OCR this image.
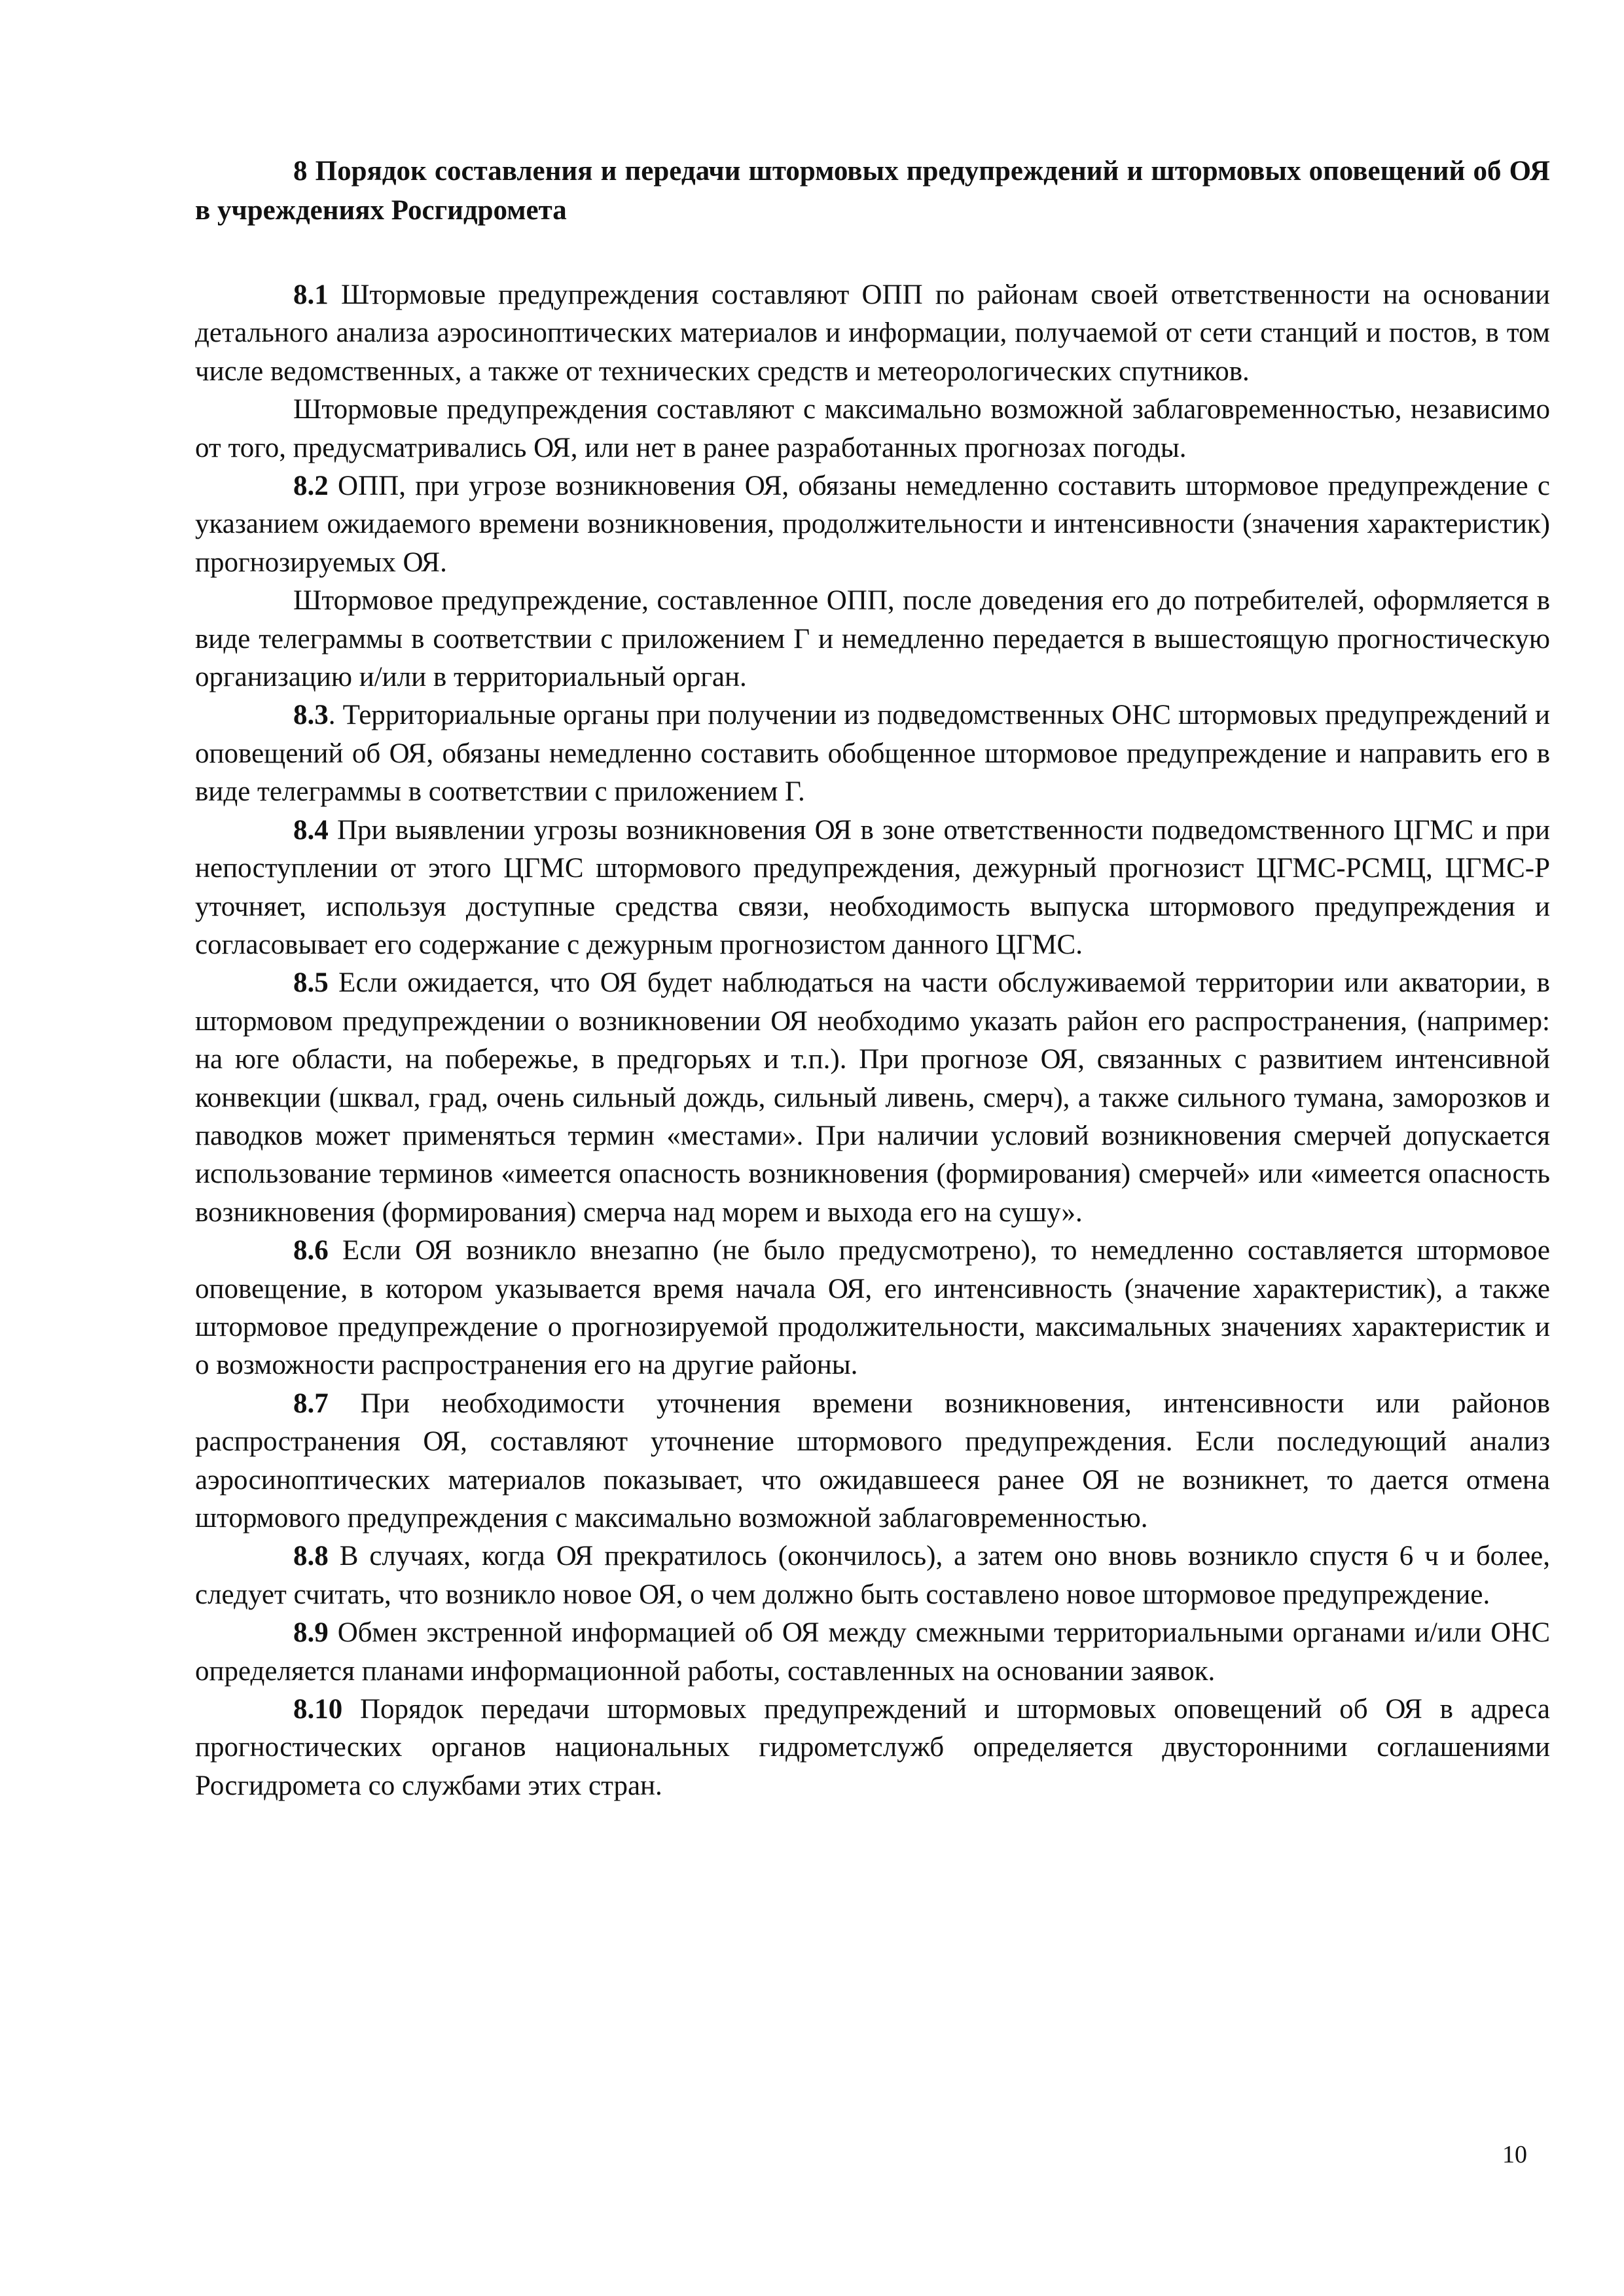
8 Порядок составления и передачи штормовых предупреждений и штормовых оповещений об ОЯ в учреждениях Росгидромета

8.1 Штормовые предупреждения составляют ОПП по районам своей ответственности на основании детального анализа аэросиноптических материалов и информации, получаемой от сети станций и постов, в том числе ведомственных, а также от технических средств и метеорологических спутников.

Штормовые предупреждения составляют с максимально возможной заблаговременностью, независимо от того, предусматривались ОЯ, или нет в ранее разработанных прогнозах погоды.

8.2 ОПП, при угрозе возникновения ОЯ, обязаны немедленно составить штормовое предупреждение с указанием ожидаемого времени возникновения, продолжительности и интенсивности (значения характеристик) прогнозируемых ОЯ.

Штормовое предупреждение, составленное ОПП, после доведения его до потребителей, оформляется в виде телеграммы в соответствии с приложением Г и немедленно передается в вышестоящую прогностическую организацию и/или в территориальный орган.

8.3. Территориальные органы при получении из подведомственных ОНС штормовых предупреждений и оповещений об ОЯ, обязаны немедленно составить обобщенное штормовое предупреждение и направить его в виде телеграммы в соответствии с приложением Г.

8.4 При выявлении угрозы возникновения ОЯ в зоне ответственности подведомственного ЦГМС и при непоступлении от этого ЦГМС штормового предупреждения, дежурный прогнозист ЦГМС-РСМЦ, ЦГМС-Р уточняет, используя доступные средства связи, необходимость выпуска штормового предупреждения и согласовывает его содержание с дежурным прогнозистом данного ЦГМС.

8.5 Если ожидается, что ОЯ будет наблюдаться на части обслуживаемой территории или акватории, в штормовом предупреждении о возникновении ОЯ необходимо указать район его распространения, (например: на юге области, на побережье, в предгорьях и т.п.). При прогнозе ОЯ, связанных с развитием интенсивной конвекции (шквал, град, очень сильный дождь, сильный ливень, смерч), а также сильного тумана, заморозков и паводков может применяться термин «местами». При наличии условий возникновения смерчей допускается использование терминов «имеется опасность возникновения (формирования) смерчей» или «имеется опасность возникновения (формирования) смерча над морем и выхода его на сушу».

8.6 Если ОЯ возникло внезапно (не было предусмотрено), то немедленно составляется штормовое оповещение, в котором указывается время начала ОЯ, его интенсивность (значение характеристик), а также штормовое предупреждение о прогнозируемой продолжительности, максимальных значениях характеристик и о возможности распространения его на другие районы.

8.7 При необходимости уточнения времени возникновения, интенсивности или районов распространения ОЯ, составляют уточнение штормового предупреждения. Если последующий анализ аэросиноптических материалов показывает, что ожидавшееся ранее ОЯ не возникнет, то дается отмена штормового предупреждения с максимально возможной заблаговременностью.

8.8 В случаях, когда ОЯ прекратилось (окончилось), а затем оно вновь возникло спустя 6 ч и более, следует считать, что возникло новое ОЯ, о чем должно быть составлено новое штормовое предупреждение.

8.9 Обмен экстренной информацией об ОЯ между смежными территориальными органами и/или ОНС определяется планами информационной работы, составленных на основании заявок.

8.10 Порядок передачи штормовых предупреждений и штормовых оповещений об ОЯ в адреса прогностических органов национальных гидрометслужб определяется двусторонними соглашениями Росгидромета со службами этих стран.

10
